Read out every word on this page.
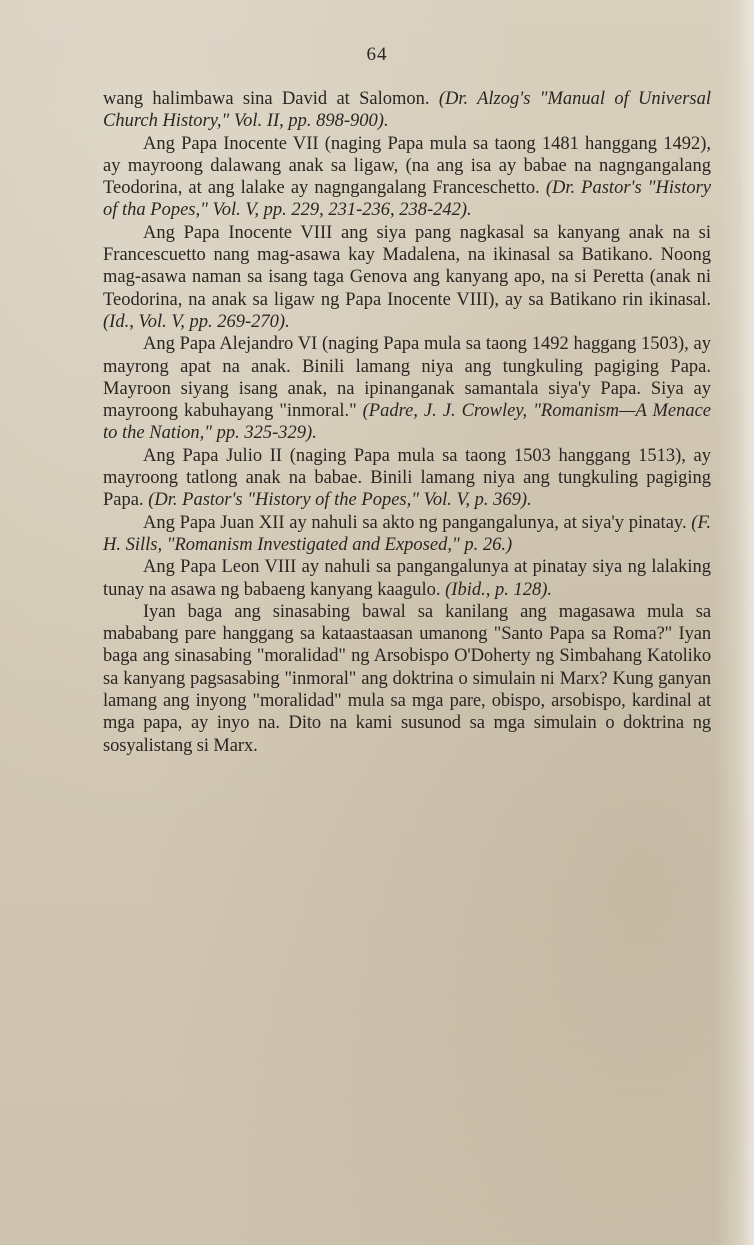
64

wang halimbawa sina David at Salomon. (Dr. Alzog's "Manual of Universal Church History," Vol. II, pp. 898-900).

Ang Papa Inocente VII (naging Papa mula sa taong 1481 hanggang 1492), ay mayroong dalawang anak sa ligaw, (na ang isa ay babae na nagngangalang Teodorina, at ang lalake ay nagngangalang Franceschetto. (Dr. Pastor's "History of tha Popes," Vol. V, pp. 229, 231-236, 238-242).

Ang Papa Inocente VIII ang siya pang nagkasal sa kanyang anak na si Francescuetto nang mag-asawa kay Madalena, na ikinasal sa Batikano. Noong mag-asawa naman sa isang taga Genova ang kanyang apo, na si Peretta (anak ni Teodorina, na anak sa ligaw ng Papa Inocente VIII), ay sa Batikano rin ikinasal. (Id., Vol. V, pp. 269-270).

Ang Papa Alejandro VI (naging Papa mula sa taong 1492 haggang 1503), ay mayrong apat na anak. Binili lamang niya ang tungkuling pagiging Papa. Mayroon siyang isang anak, na ipinanganak samantala siya'y Papa. Siya ay mayroong kabuhayang "inmoral." (Padre, J. J. Crowley, "Romanism—A Menace to the Nation," pp. 325-329).

Ang Papa Julio II (naging Papa mula sa taong 1503 hanggang 1513), ay mayroong tatlong anak na babae. Binili lamang niya ang tungkuling pagiging Papa. (Dr. Pastor's "History of the Popes," Vol. V, p. 369).

Ang Papa Juan XII ay nahuli sa akto ng pangangalunya, at siya'y pinatay. (F. H. Sills, "Romanism Investigated and Exposed," p. 26.)

Ang Papa Leon VIII ay nahuli sa pangangalunya at pinatay siya ng lalaking tunay na asawa ng babaeng kanyang kaagulo. (Ibid., p. 128).

Iyan baga ang sinasabing bawal sa kanilang ang magasawa mula sa mababang pare hanggang sa kataastaasan umanong "Santo Papa sa Roma?" Iyan baga ang sinasabing "moralidad" ng Arsobispo O'Doherty ng Simbahang Katoliko sa kanyang pagsasabing "inmoral" ang doktrina o simulain ni Marx? Kung ganyan lamang ang inyong "moralidad" mula sa mga pare, obispo, arsobispo, kardinal at mga papa, ay inyo na. Dito na kami susunod sa mga simulain o doktrina ng sosyalistang si Marx.
